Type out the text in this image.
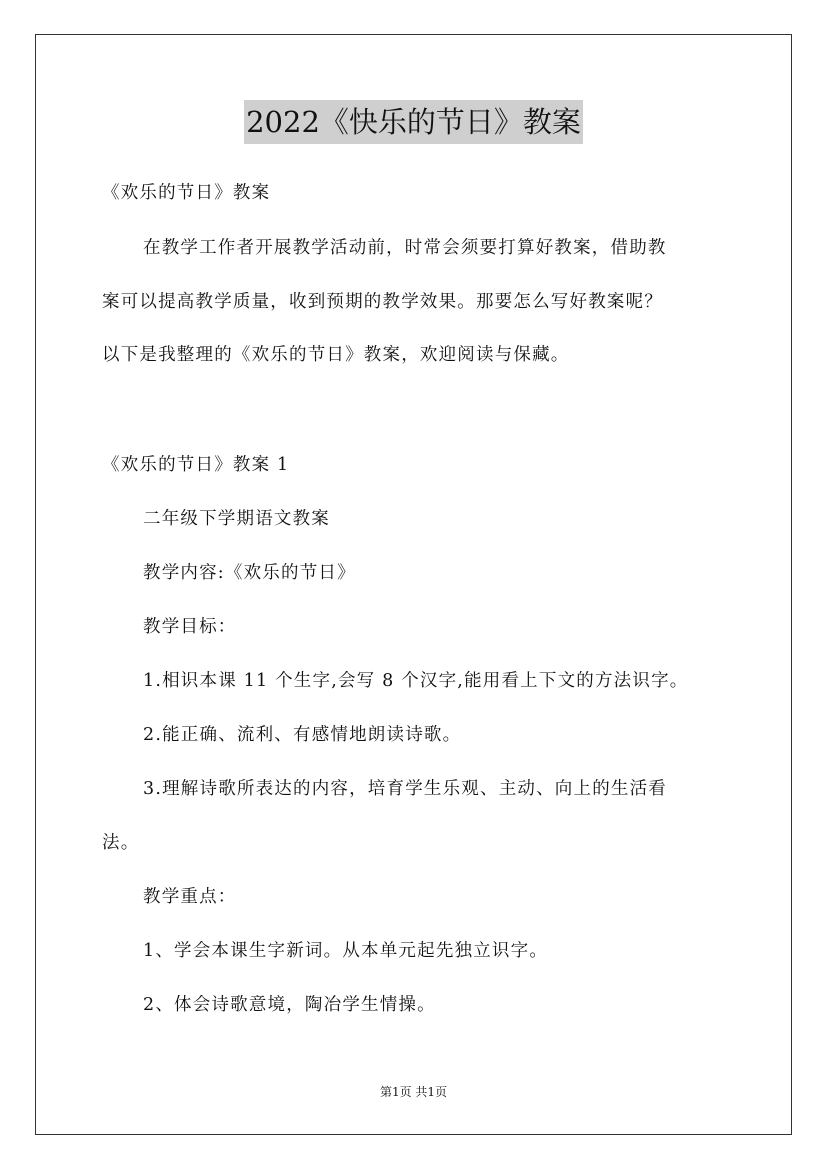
2022《快乐的节日》教案
《欢乐的节日》教案
在教学工作者开展教学活动前，时常会须要打算好教案，借助教
案可以提高教学质量，收到预期的教学效果。那要怎么写好教案呢？
以下是我整理的《欢乐的节日》教案，欢迎阅读与保藏。
《欢乐的节日》教案 1
二年级下学期语文教案
教学内容:《欢乐的节日》
教学目标：
1.相识本课 11 个生字,会写 8 个汉字,能用看上下文的方法识字。
2.能正确、流利、有感情地朗读诗歌。
3.理解诗歌所表达的内容，培育学生乐观、主动、向上的生活看
法。
教学重点：
1、学会本课生字新词。从本单元起先独立识字。
2、体会诗歌意境，陶冶学生情操。
第1页 共1页
